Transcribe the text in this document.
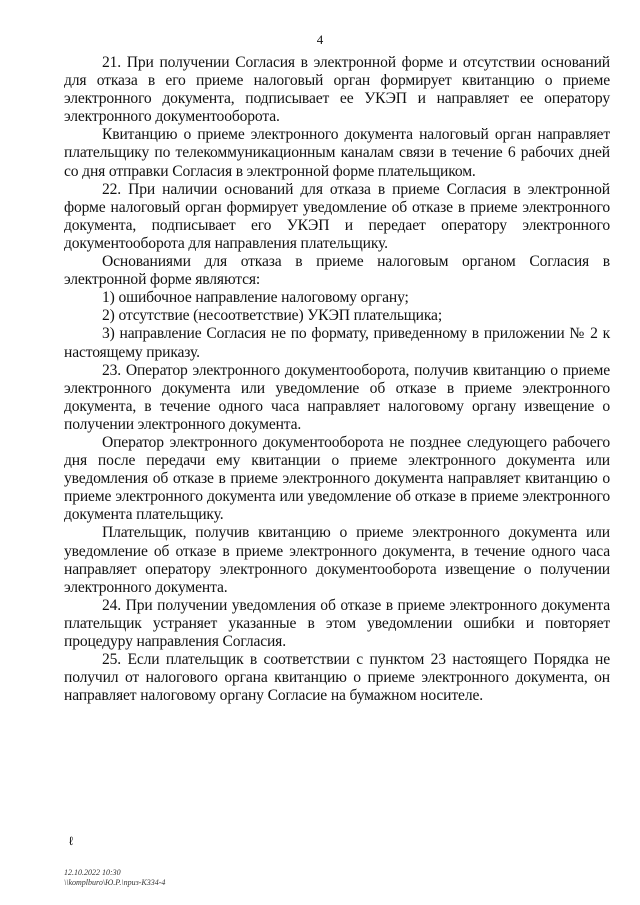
4

21. При получении Согласия в электронной форме и отсутствии оснований для отказа в его приеме налоговый орган формирует квитанцию о приеме электронного документа, подписывает ее УКЭП и направляет ее оператору электронного документооборота.

Квитанцию о приеме электронного документа налоговый орган направляет плательщику по телекоммуникационным каналам связи в течение 6 рабочих дней со дня отправки Согласия в электронной форме плательщиком.

22. При наличии оснований для отказа в приеме Согласия в электронной форме налоговый орган формирует уведомление об отказе в приеме электронного документа, подписывает его УКЭП и передает оператору электронного документооборота для направления плательщику.

Основаниями для отказа в приеме налоговым органом Согласия в электронной форме являются:

1) ошибочное направление налоговому органу;

2) отсутствие (несоответствие) УКЭП плательщика;

3) направление Согласия не по формату, приведенному в приложении № 2 к настоящему приказу.

23. Оператор электронного документооборота, получив квитанцию о приеме электронного документа или уведомление об отказе в приеме электронного документа, в течение одного часа направляет налоговому органу извещение о получении электронного документа.

Оператор электронного документооборота не позднее следующего рабочего дня после передачи ему квитанции о приеме электронного документа или уведомления об отказе в приеме электронного документа направляет квитанцию о приеме электронного документа или уведомление об отказе в приеме электронного документа плательщику.

Плательщик, получив квитанцию о приеме электронного документа или уведомление об отказе в приеме электронного документа, в течение одного часа направляет оператору электронного документооборота извещение о получении электронного документа.

24. При получении уведомления об отказе в приеме электронного документа плательщик устраняет указанные в этом уведомлении ошибки и повторяет процедуру направления Согласия.

25. Если плательщик в соответствии с пунктом 23 настоящего Порядка не получил от налогового органа квитанцию о приеме электронного документа, он направляет налоговому органу Согласие на бумажном носителе.

ℓ
12.10.2022 10:30
\\komplburo\Ю.Р.\приз-К334-4
